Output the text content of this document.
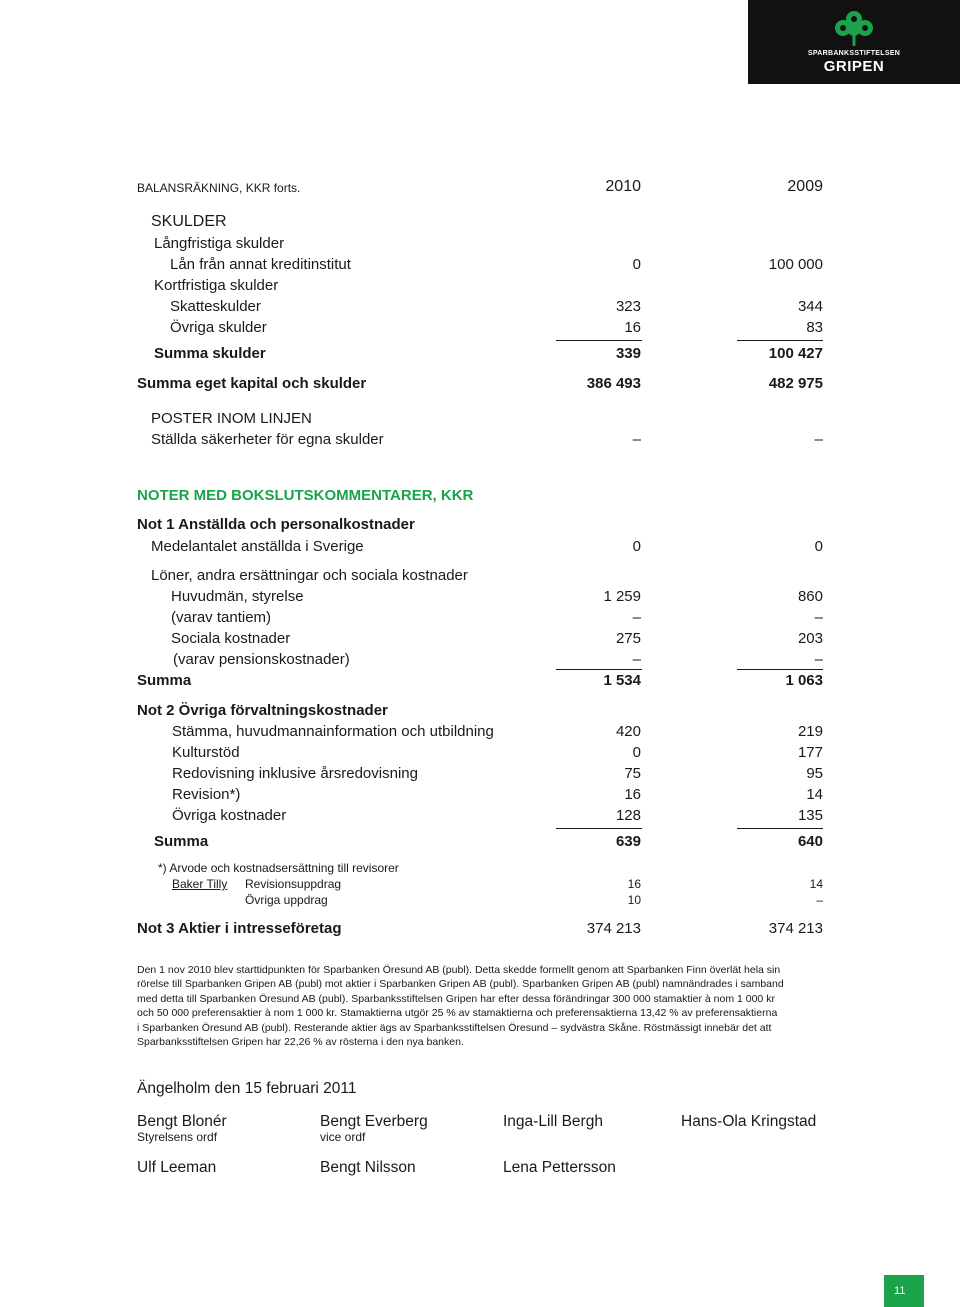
SPARBANKSSTIFTELSEN
GRIPEN
BALANSRÄKNING, KKR forts.	2010	2009
SKULDER
Långfristiga skulder
Lån från annat kreditinstitut	0	100 000
Kortfristiga skulder
Skatteskulder	323	344
Övriga skulder	16	83
Summa skulder	339	100 427
Summa eget kapital och skulder	386 493	482 975
POSTER INOM LINJEN
Ställda säkerheter för egna skulder	–	–
NOTER MED BOKSLUTSKOMMENTARER, KKR
Not 1 Anställda och personalkostnader
Medelantalet anställda i Sverige	0	0
Löner, andra ersättningar och sociala kostnader
Huvudmän, styrelse	1 259	860
(varav tantiem)	–	–
Sociala kostnader	275	203
(varav pensionskostnader)	–	–
Summa	1 534	1 063
Not 2 Övriga förvaltningskostnader
Stämma, huvudmannainformation och utbildning	420	219
Kulturstöd	0	177
Redovisning inklusive årsredovisning	75	95
Revision*)	16	14
Övriga kostnader	128	135
Summa	639	640
*) Arvode och kostnadsersättning till revisorer
Baker Tilly Revisionsuppdrag	16	14
Övriga uppdrag	10	–
Not 3 Aktier i intresseföretag	374 213	374 213
Den 1 nov 2010 blev starttidpunkten för Sparbanken Öresund AB (publ). Detta skedde formellt genom att Sparbanken Finn överlät hela sin
rörelse till Sparbanken Gripen AB (publ) mot aktier i Sparbanken Gripen AB (publ). Sparbanken Gripen AB (publ) namnändrades i samband
med detta till Sparbanken Öresund AB (publ). Sparbanksstiftelsen Gripen har efter dessa förändringar 300 000 stamaktier à nom 1 000 kr
och 50 000 preferensaktier à nom 1 000 kr. Stamaktierna utgör 25 % av stamaktierna och preferensaktierna 13,42 % av preferensaktierna
i Sparbanken Öresund AB (publ). Resterande aktier ägs av Sparbanksstiftelsen Öresund – sydvästra Skåne. Röstmässigt innebär det att
Sparbanksstiftelsen Gripen har 22,26 % av rösterna i den nya banken.
Ängelholm den 15 februari 2011
Bengt Blonér
Styrelsens ordf
Bengt Everberg
vice ordf
Inga-Lill Bergh	Hans-Ola Kringstad
Ulf Leeman	Bengt Nilsson	Lena Pettersson
11
